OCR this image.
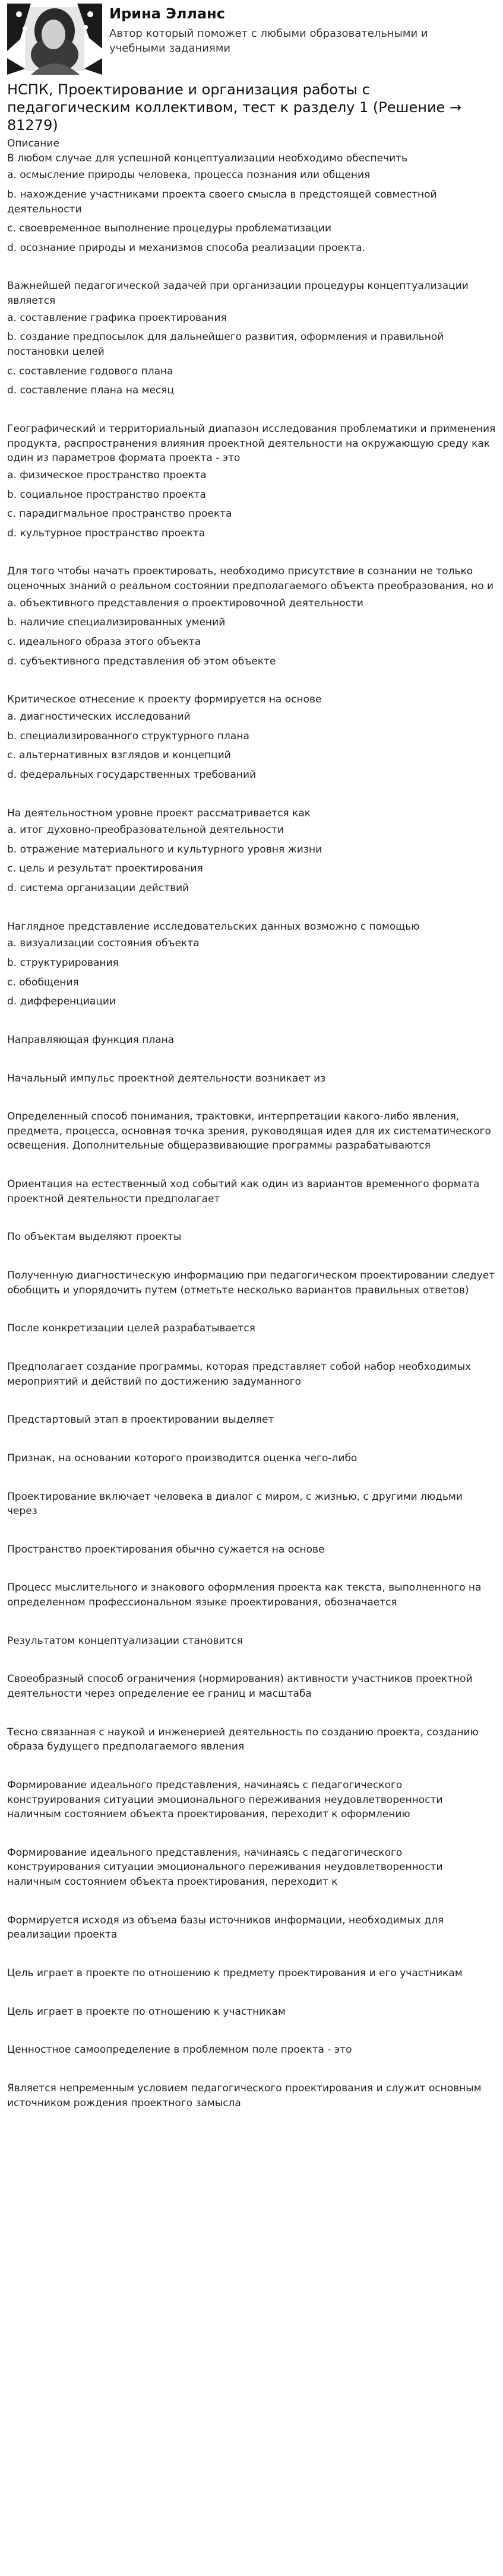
Ирина Элланс
Автор который поможет с любыми образовательными и учебными заданиями
НСПК, Проектирование и организация работы с педагогическим коллективом, тест к разделу 1 (Решение → 81279)
Описание
В любом случае для успешной концептуализации необходимо обеспечить
a. осмысление природы человека, процесса познания или общения
b. нахождение участниками проекта своего смысла в предстоящей совместной деятельности
c. своевременное выполнение процедуры проблематизации
d. осознание природы и механизмов способа реализации проекта.
Важнейшей педагогической задачей при организации процедуры концептуализации является
a. составление графика проектирования
b. создание предпосылок для дальнейшего развития, оформления и правильной постановки целей
c. составление годового плана
d. составление плана на месяц
Географический и территориальный диапазон исследования проблематики и применения продукта, распространения влияния проектной деятельности на окружающую среду как один из параметров формата проекта - это
a. физическое пространство проекта
b. социальное пространство проекта
c. парадигмальное пространство проекта
d. культурное пространство проекта
Для того чтобы начать проектировать, необходимо присутствие в сознании не только оценочных знаний о реальном состоянии предполагаемого объекта преобразования, но и
a. объективного представления о проектировочной деятельности
b. наличие специализированных умений
c. идеального образа этого объекта
d. субъективного представления об этом объекте
Критическое отнесение к проекту формируется на основе
a. диагностических исследований
b. специализированного структурного плана
c. альтернативных взглядов и концепций
d. федеральных государственных требований
На деятельностном уровне проект рассматривается как
a. итог духовно-преобразовательной деятельности
b. отражение материального и культурного уровня жизни
c. цель и результат проектирования
d. система организации действий
Наглядное представление исследовательских данных возможно с помощью
a. визуализации состояния объекта
b. структурирования
c. обобщения
d. дифференциации
Направляющая функция плана
Начальный импульс проектной деятельности возникает из
Определенный способ понимания, трактовки, интерпретации какого-либо явления, предмета, процесса, основная точка зрения, руководящая идея для их систематического освещения. Дополнительные общеразвивающие программы разрабатываются
Ориентация на естественный ход событий как один из вариантов временного формата проектной деятельности предполагает
По объектам выделяют проекты
Полученную диагностическую информацию при педагогическом проектировании следует обобщить и упорядочить путем (отметьте несколько вариантов правильных ответов)
После конкретизации целей разрабатывается
Предполагает создание программы, которая представляет собой набор необходимых мероприятий и действий по достижению задуманного
Предстартовый этап в проектировании выделяет
Признак, на основании которого производится оценка чего-либо
Проектирование включает человека в диалог с миром, с жизнью, с другими людьми через
Пространство проектирования обычно сужается на основе
Процесс мыслительного и знакового оформления проекта как текста, выполненного на определенном профессиональном языке проектирования, обозначается
Результатом концептуализации становится
Своеобразный способ ограничения (нормирования) активности участников проектной деятельности через определение ее границ и масштаба
Тесно связанная с наукой и инженерией деятельность по созданию проекта, созданию образа будущего предполагаемого явления
Формирование идеального представления, начинаясь с педагогического конструирования ситуации эмоционального переживания неудовлетворенности наличным состоянием объекта проектирования, переходит к оформлению
Формирование идеального представления, начинаясь с педагогического конструирования ситуации эмоционального переживания неудовлетворенности наличным состоянием объекта проектирования, переходит к
Формируется исходя из объема базы источников информации, необходимых для реализации проекта
Цель играет в проекте по отношению к предмету проектирования и его участникам
Цель играет в проекте по отношению к участникам
Ценностное самоопределение в проблемном поле проекта - это
Является непременным условием педагогического проектирования и служит основным источником рождения проектного замысла
